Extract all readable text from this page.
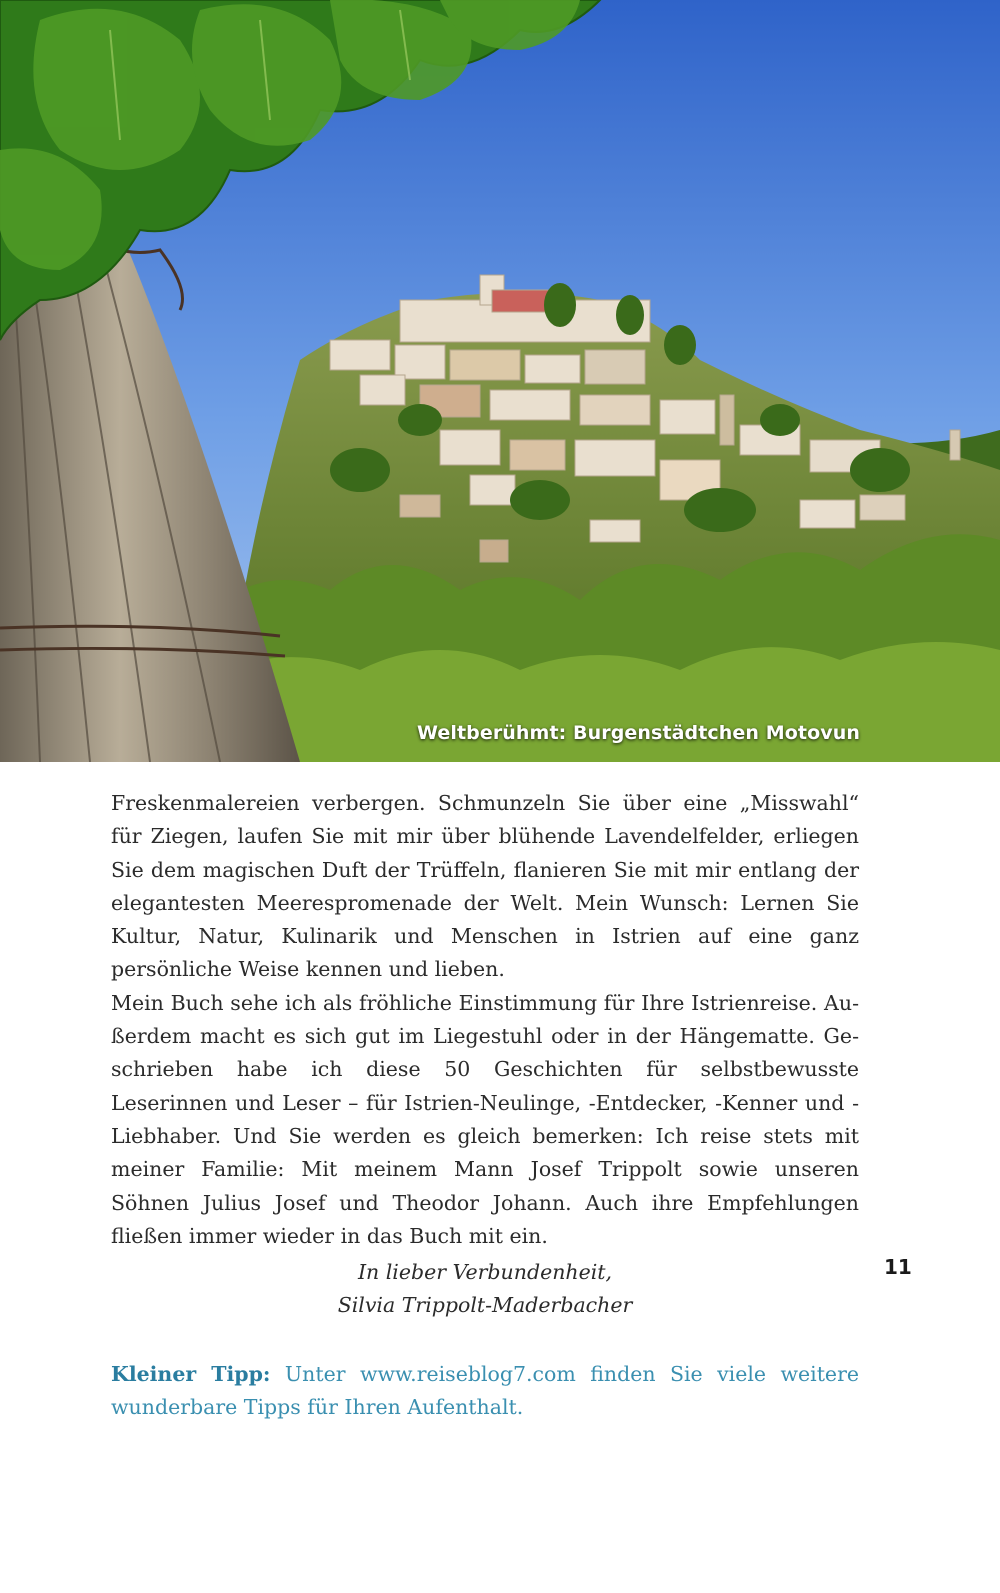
Weltberühmt: Burgenstädtchen Motovun

Freskenmalereien verbergen. Schmunzeln Sie über eine „Misswahl“ für Ziegen, laufen Sie mit mir über blühende Lavendelfelder, erliegen Sie dem magischen Duft der Trüffeln, flanieren Sie mit mir entlang der elegantesten Meerespromenade der Welt. Mein Wunsch: Lernen Sie Kultur, Natur, Kulinarik und Menschen in Istrien auf eine ganz persönliche Weise kennen und lieben.

Mein Buch sehe ich als fröhliche Einstimmung für Ihre Istrienreise. Außerdem macht es sich gut im Liegestuhl oder in der Hängematte. Geschrieben habe ich diese 50 Geschichten für selbstbewusste Leserinnen und Leser – für Istrien-Neulinge, -Entdecker, -Kenner und -Liebhaber. Und Sie werden es gleich bemerken: Ich reise stets mit meiner Familie: Mit meinem Mann Josef Trippolt sowie unseren Söhnen Julius Josef und Theodor Johann. Auch ihre Empfehlungen fließen immer wieder in das Buch mit ein.

In lieber Verbundenheit,
Silvia Trippolt-Maderbacher
11
Kleiner Tipp: Unter www.reiseblog7.com finden Sie viele weitere wunderbare Tipps für Ihren Aufenthalt.
